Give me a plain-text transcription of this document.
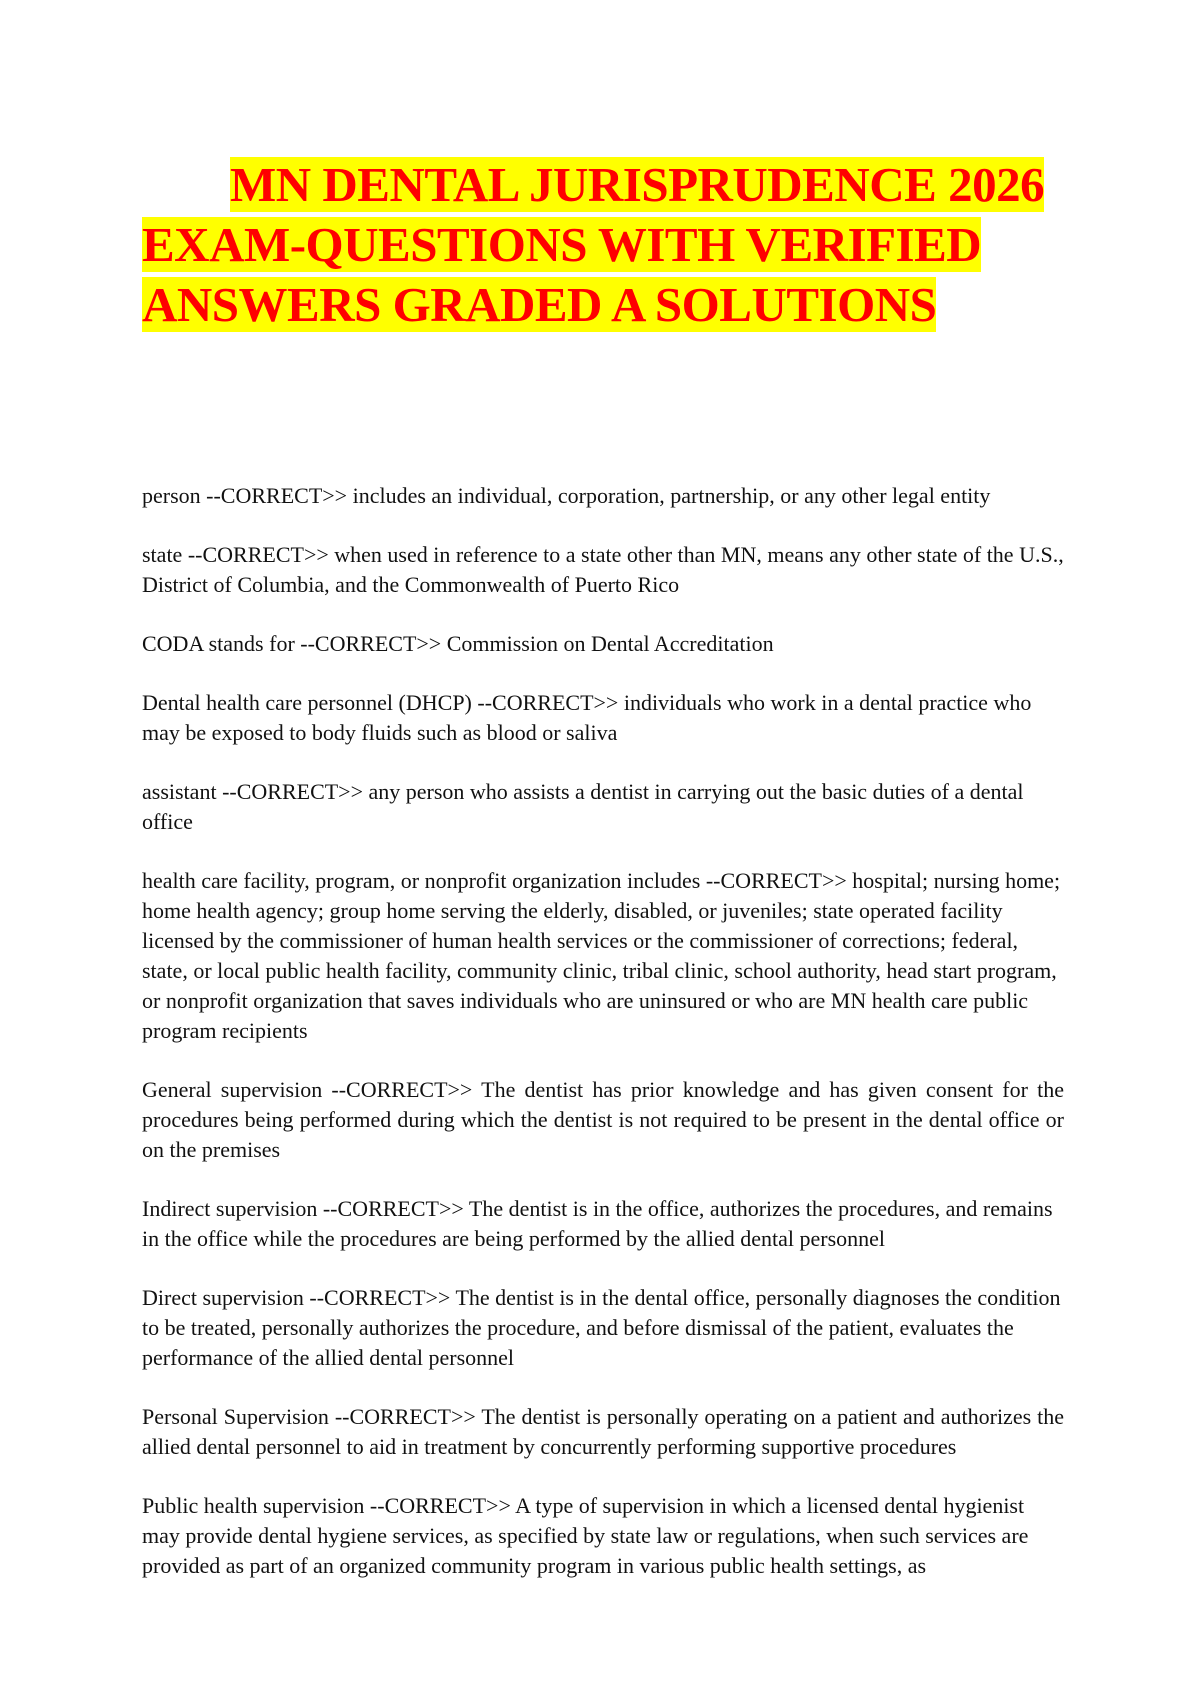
MN DENTAL JURISPRUDENCE 2026 EXAM-QUESTIONS WITH VERIFIED ANSWERS GRADED A SOLUTIONS

person --CORRECT>> includes an individual, corporation, partnership, or any other legal entity

state --CORRECT>> when used in reference to a state other than MN, means any other state of the U.S., District of Columbia, and the Commonwealth of Puerto Rico

CODA stands for --CORRECT>> Commission on Dental Accreditation

Dental health care personnel (DHCP) --CORRECT>> individuals who work in a dental practice who may be exposed to body fluids such as blood or saliva

assistant --CORRECT>> any person who assists a dentist in carrying out the basic duties of a dental office

health care facility, program, or nonprofit organization includes --CORRECT>> hospital; nursing home; home health agency; group home serving the elderly, disabled, or juveniles; state operated facility licensed by the commissioner of human health services or the commissioner of corrections; federal, state, or local public health facility, community clinic, tribal clinic, school authority, head start program, or nonprofit organization that saves individuals who are uninsured or who are MN health care public program recipients

General supervision --CORRECT>> The dentist has prior knowledge and has given consent for the procedures being performed during which the dentist is not required to be present in the dental office or on the premises

Indirect supervision --CORRECT>> The dentist is in the office, authorizes the procedures, and remains in the office while the procedures are being performed by the allied dental personnel

Direct supervision --CORRECT>> The dentist is in the dental office, personally diagnoses the condition to be treated, personally authorizes the procedure, and before dismissal of the patient, evaluates the performance of the allied dental personnel

Personal Supervision --CORRECT>> The dentist is personally operating on a patient and authorizes the allied dental personnel to aid in treatment by concurrently performing supportive procedures

Public health supervision --CORRECT>> A type of supervision in which a licensed dental hygienist may provide dental hygiene services, as specified by state law or regulations, when such services are provided as part of an organized community program in various public health settings, as
